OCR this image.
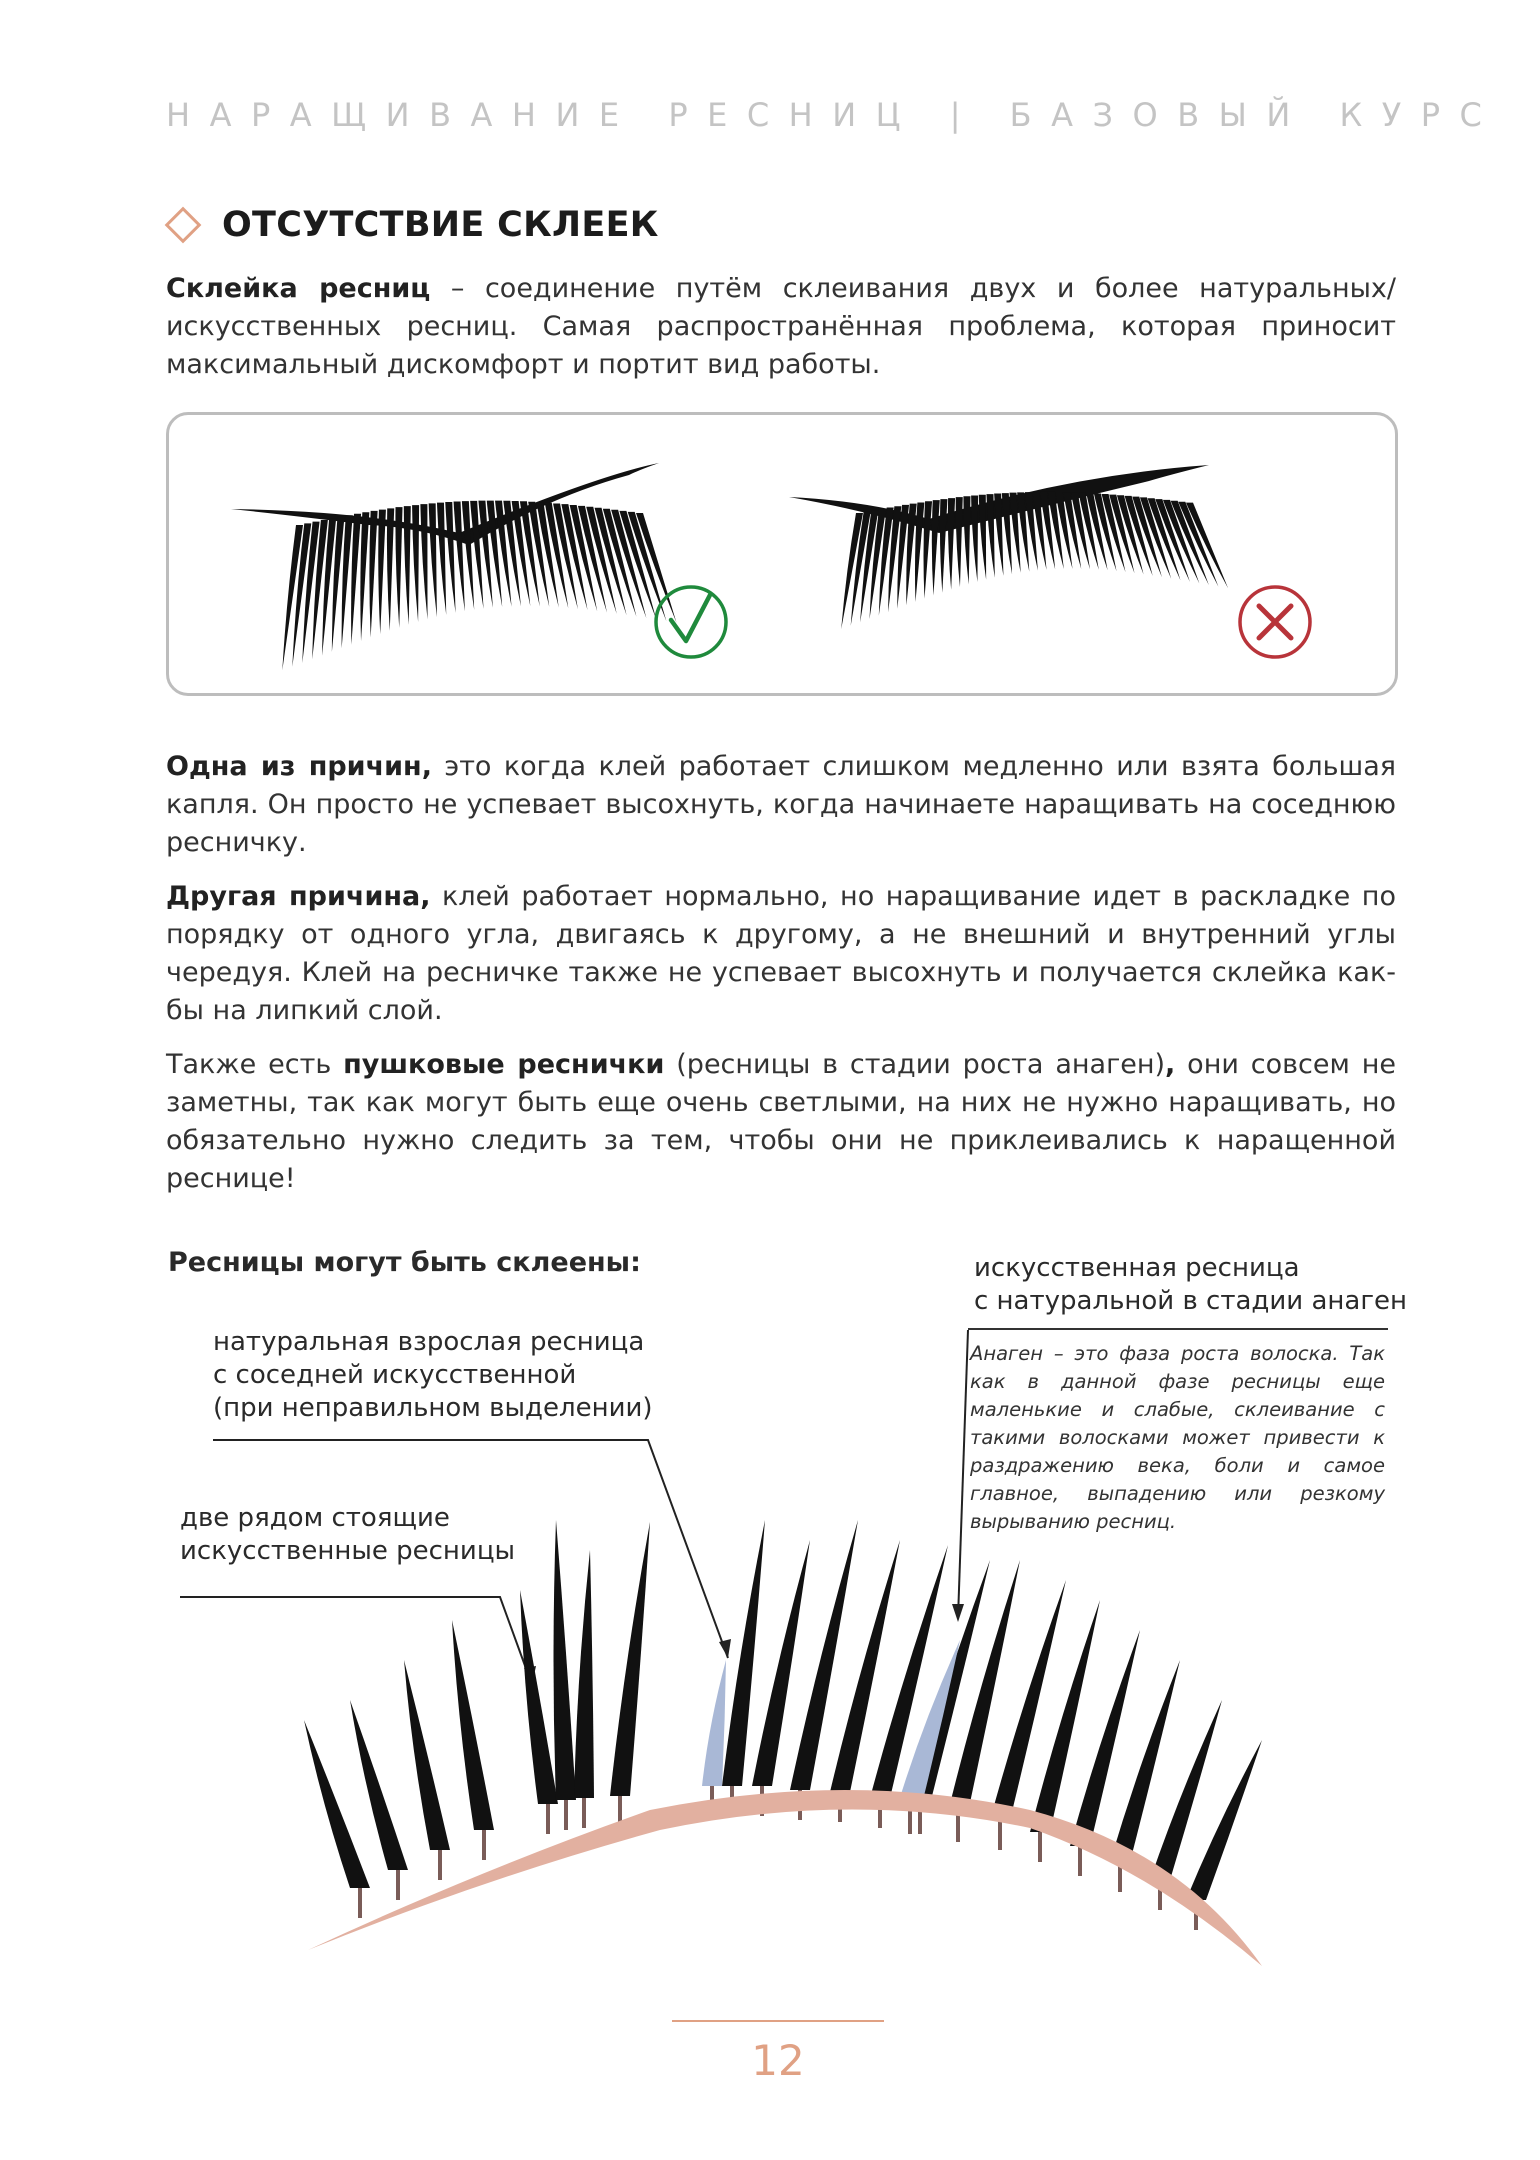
НАРАЩИВАНИЕ РЕСНИЦ | БАЗОВЫЙ КУРС
ОТСУТСТВИЕ СКЛЕЕК
Склейка ресниц – соединение путём склеивания двух и более натуральных/искусственных ресниц. Самая распространённая проблема, которая приносит максимальный дискомфорт и портит вид работы.
Одна из причин, это когда клей работает слишком медленно или взята большая капля. Он просто не успевает высохнуть, когда начинаете наращивать на соседнюю ресничку.
Другая причина, клей работает нормально, но наращивание идет в раскладке по порядку от одного угла, двигаясь к другому, а не внешний и внутренний углы чередуя. Клей на ресничке также не успевает высохнуть и получается склейка как-бы на липкий слой.
Также есть пушковые реснички (ресницы в стадии роста анаген), они совсем не заметны, так как могут быть еще очень светлыми, на них не нужно наращивать, но обязательно нужно следить за тем, чтобы они не приклеивались к наращенной реснице!
Ресницы могут быть склеены:
натуральная взрослая ресница
с соседней искусственной
(при неправильном выделении)
две рядом стоящие
искусственные ресницы
искусственная ресница
с натуральной в стадии анаген
Анаген – это фаза роста волоска. Так как в данной фазе ресницы еще маленькие и слабые, склеивание с такими волосками может привести к раздражению века, боли и самое главное, выпадению или резкому вырыванию ресниц.
12
